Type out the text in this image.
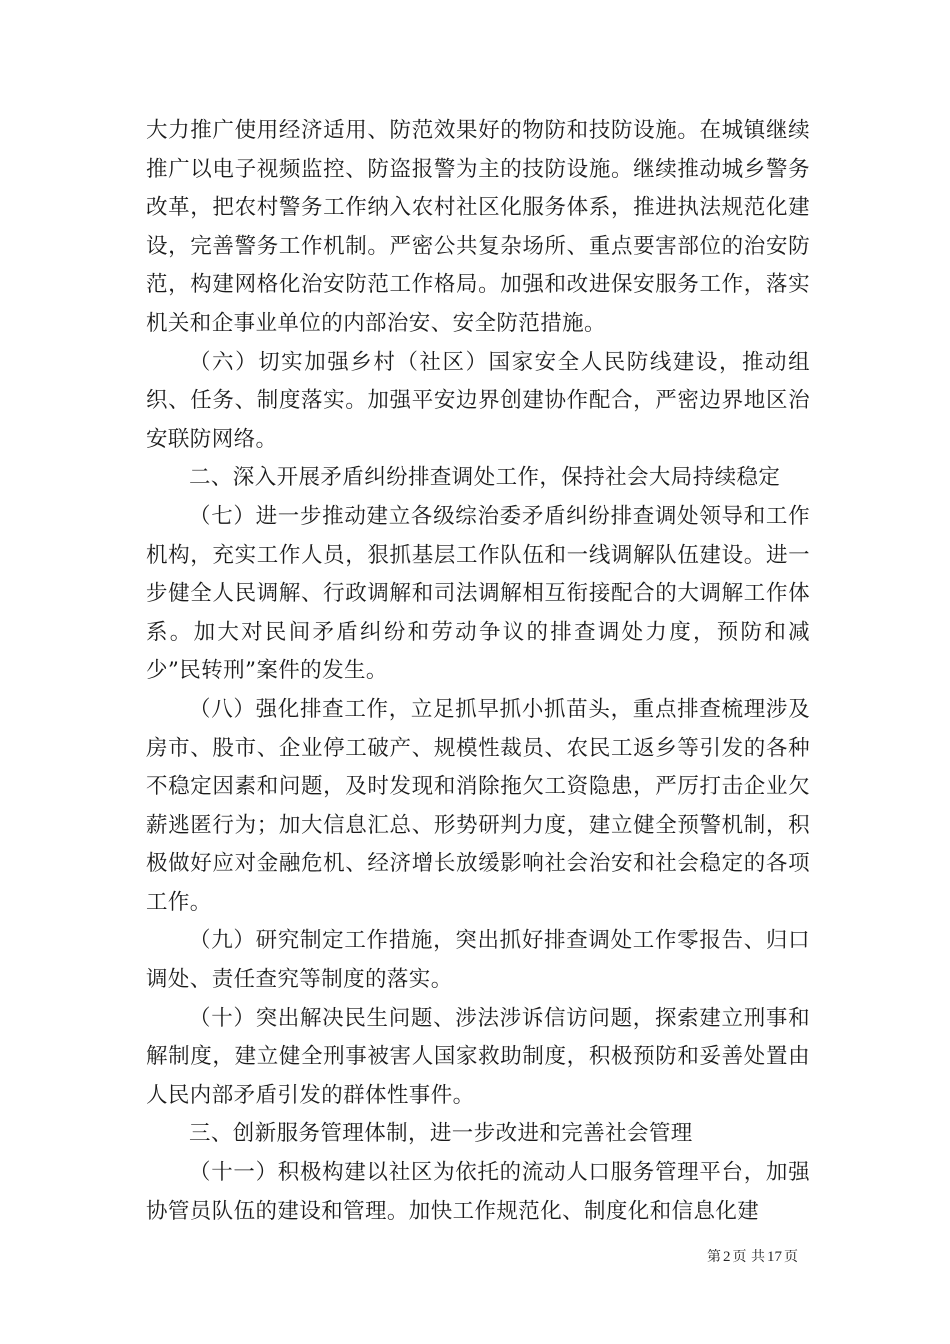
大力推广使用经济适用、防范效果好的物防和技防设施。在城镇继续推广以电子视频监控、防盗报警为主的技防设施。继续推动城乡警务改革，把农村警务工作纳入农村社区化服务体系，推进执法规范化建设，完善警务工作机制。严密公共复杂场所、重点要害部位的治安防范，构建网格化治安防范工作格局。加强和改进保安服务工作，落实机关和企事业单位的内部治安、安全防范措施。

（六）切实加强乡村（社区）国家安全人民防线建设，推动组织、任务、制度落实。加强平安边界创建协作配合，严密边界地区治安联防网络。

二、深入开展矛盾纠纷排查调处工作，保持社会大局持续稳定

（七）进一步推动建立各级综治委矛盾纠纷排查调处领导和工作机构，充实工作人员，狠抓基层工作队伍和一线调解队伍建设。进一步健全人民调解、行政调解和司法调解相互衔接配合的大调解工作体系。加大对民间矛盾纠纷和劳动争议的排查调处力度，预防和减少”民转刑”案件的发生。

（八）强化排查工作，立足抓早抓小抓苗头，重点排查梳理涉及房市、股市、企业停工破产、规模性裁员、农民工返乡等引发的各种不稳定因素和问题，及时发现和消除拖欠工资隐患，严厉打击企业欠薪逃匿行为；加大信息汇总、形势研判力度，建立健全预警机制，积极做好应对金融危机、经济增长放缓影响社会治安和社会稳定的各项工作。

（九）研究制定工作措施，突出抓好排查调处工作零报告、归口调处、责任查究等制度的落实。

（十）突出解决民生问题、涉法涉诉信访问题，探索建立刑事和解制度，建立健全刑事被害人国家救助制度，积极预防和妥善处置由人民内部矛盾引发的群体性事件。

三、创新服务管理体制，进一步改进和完善社会管理

（十一）积极构建以社区为依托的流动人口服务管理平台，加强协管员队伍的建设和管理。加快工作规范化、制度化和信息化建

第 2 页 共 17 页
